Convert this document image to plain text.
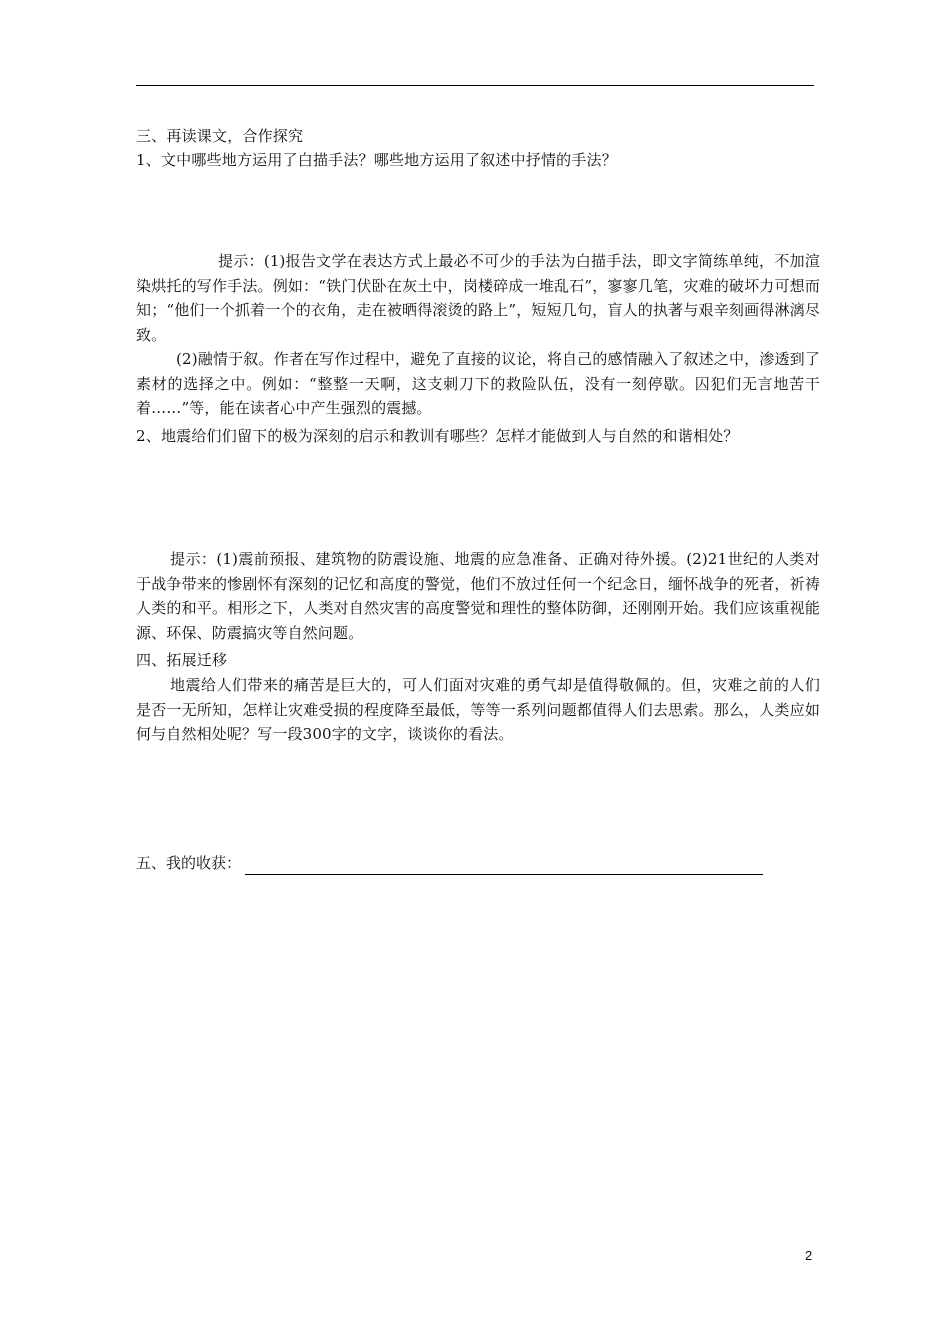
三、再读课文，合作探究
1、文中哪些地方运用了白描手法？哪些地方运用了叙述中抒情的手法？
提示：(1)报告文学在表达方式上最必不可少的手法为白描手法，即文字简练单纯，不加渲染烘托的写作手法。例如：“铁门伏卧在灰土中，岗楼碎成一堆乱石”，寥寥几笔，灾难的破坏力可想而知；“他们一个抓着一个的衣角，走在被晒得滚烫的路上”，短短几句，盲人的执著与艰辛刻画得淋漓尽致。
(2)融情于叙。作者在写作过程中，避免了直接的议论，将自己的感情融入了叙述之中，渗透到了素材的选择之中。例如：“整整一天啊，这支刺刀下的救险队伍，没有一刻停歇。囚犯们无言地苦干着……”等，能在读者心中产生强烈的震撼。
2、地震给们们留下的极为深刻的启示和教训有哪些？怎样才能做到人与自然的和谐相处？
提示：(1)震前预报、建筑物的防震设施、地震的应急准备、正确对待外援。(2)21世纪的人类对于战争带来的惨剧怀有深刻的记忆和高度的警觉，他们不放过任何一个纪念日，缅怀战争的死者，祈祷人类的和平。相形之下，人类对自然灾害的高度警觉和理性的整体防御，还刚刚开始。我们应该重视能源、环保、防震搞灾等自然问题。
四、拓展迁移
地震给人们带来的痛苦是巨大的，可人们面对灾难的勇气却是值得敬佩的。但，灾难之前的人们是否一无所知，怎样让灾难受损的程度降至最低，等等一系列问题都值得人们去思索。那么，人类应如何与自然相处呢？写一段300字的文字，谈谈你的看法。
五、我的收获：
2
